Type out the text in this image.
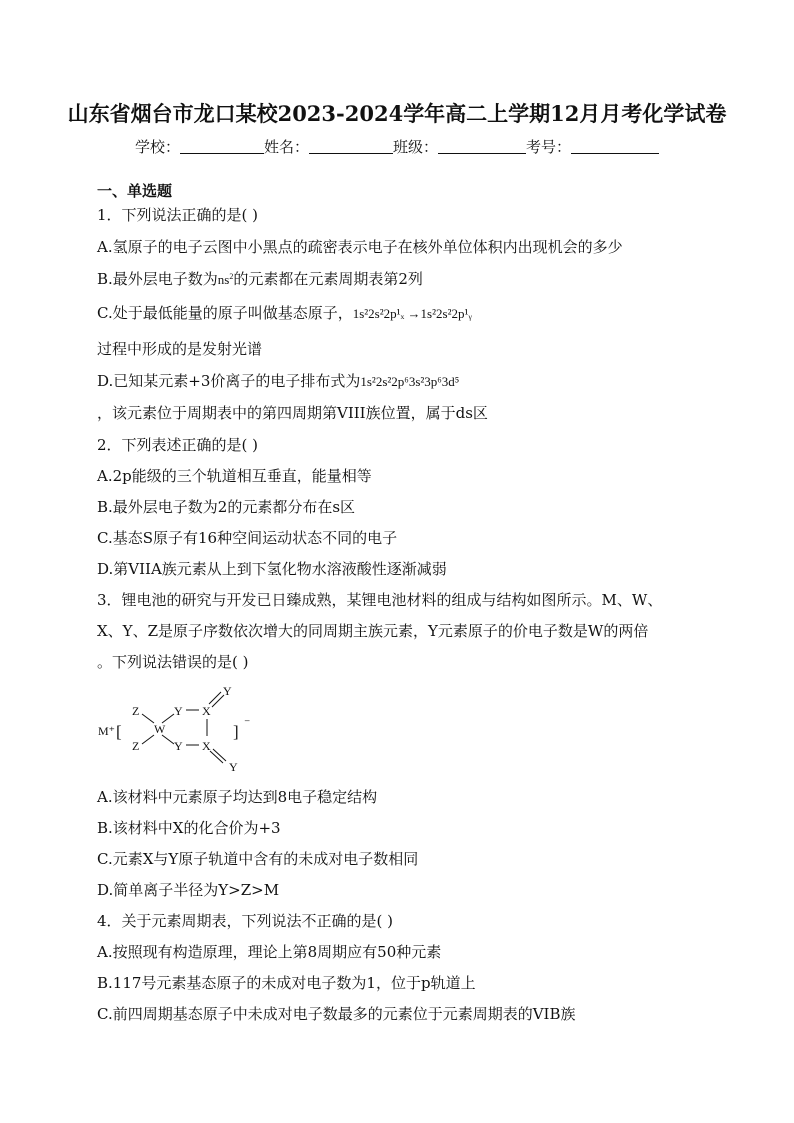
山东省烟台市龙口某校2023-2024学年高二上学期12月月考化学试卷
学校：	姓名：	班级：	考号：
一、单选题
1．下列说法正确的是( )
A.氢原子的电子云图中小黑点的疏密表示电子在核外单位体积内出现机会的多少
B.最外层电子数为$ns^2$的元素都在元素周期表第2列
C.处于最低能量的原子叫做基态原子，1s²2s²2p¹ₓ →1s²2s²2p¹ᵧ
过程中形成的是发射光谱
D.已知某元素+3价离子的电子排布式为1s²2s²2p⁶3s²3p⁶3d⁵
，该元素位于周期表中的第四周期第VIII族位置，属于ds区
2．下列表述正确的是( )
A.2p能级的三个轨道相互垂直，能量相等
B.最外层电子数为2的元素都分布在s区
C.基态S原子有16种空间运动状态不同的电子
D.第VIIA族元素从上到下氢化物水溶液酸性逐渐减弱
3．锂电池的研究与开发已日臻成熟，某锂电池材料的组成与结构如图所示。M、W、
X、Y、Z是原子序数依次增大的同周期主族元素，Y元素原子的价电子数是W的两倍
。下列说法错误的是( )
M⁺ [
Z
Z
W
Y
Y
X
X
Y
Y
] ⁻
A.该材料中元素原子均达到8电子稳定结构
B.该材料中X的化合价为+3
C.元素X与Y原子轨道中含有的未成对电子数相同
D.简单离子半径为Y>Z>M
4．关于元素周期表，下列说法不正确的是( )
A.按照现有构造原理，理论上第8周期应有50种元素
B.117号元素基态原子的未成对电子数为1，位于p轨道上
C.前四周期基态原子中未成对电子数最多的元素位于元素周期表的VIB族
